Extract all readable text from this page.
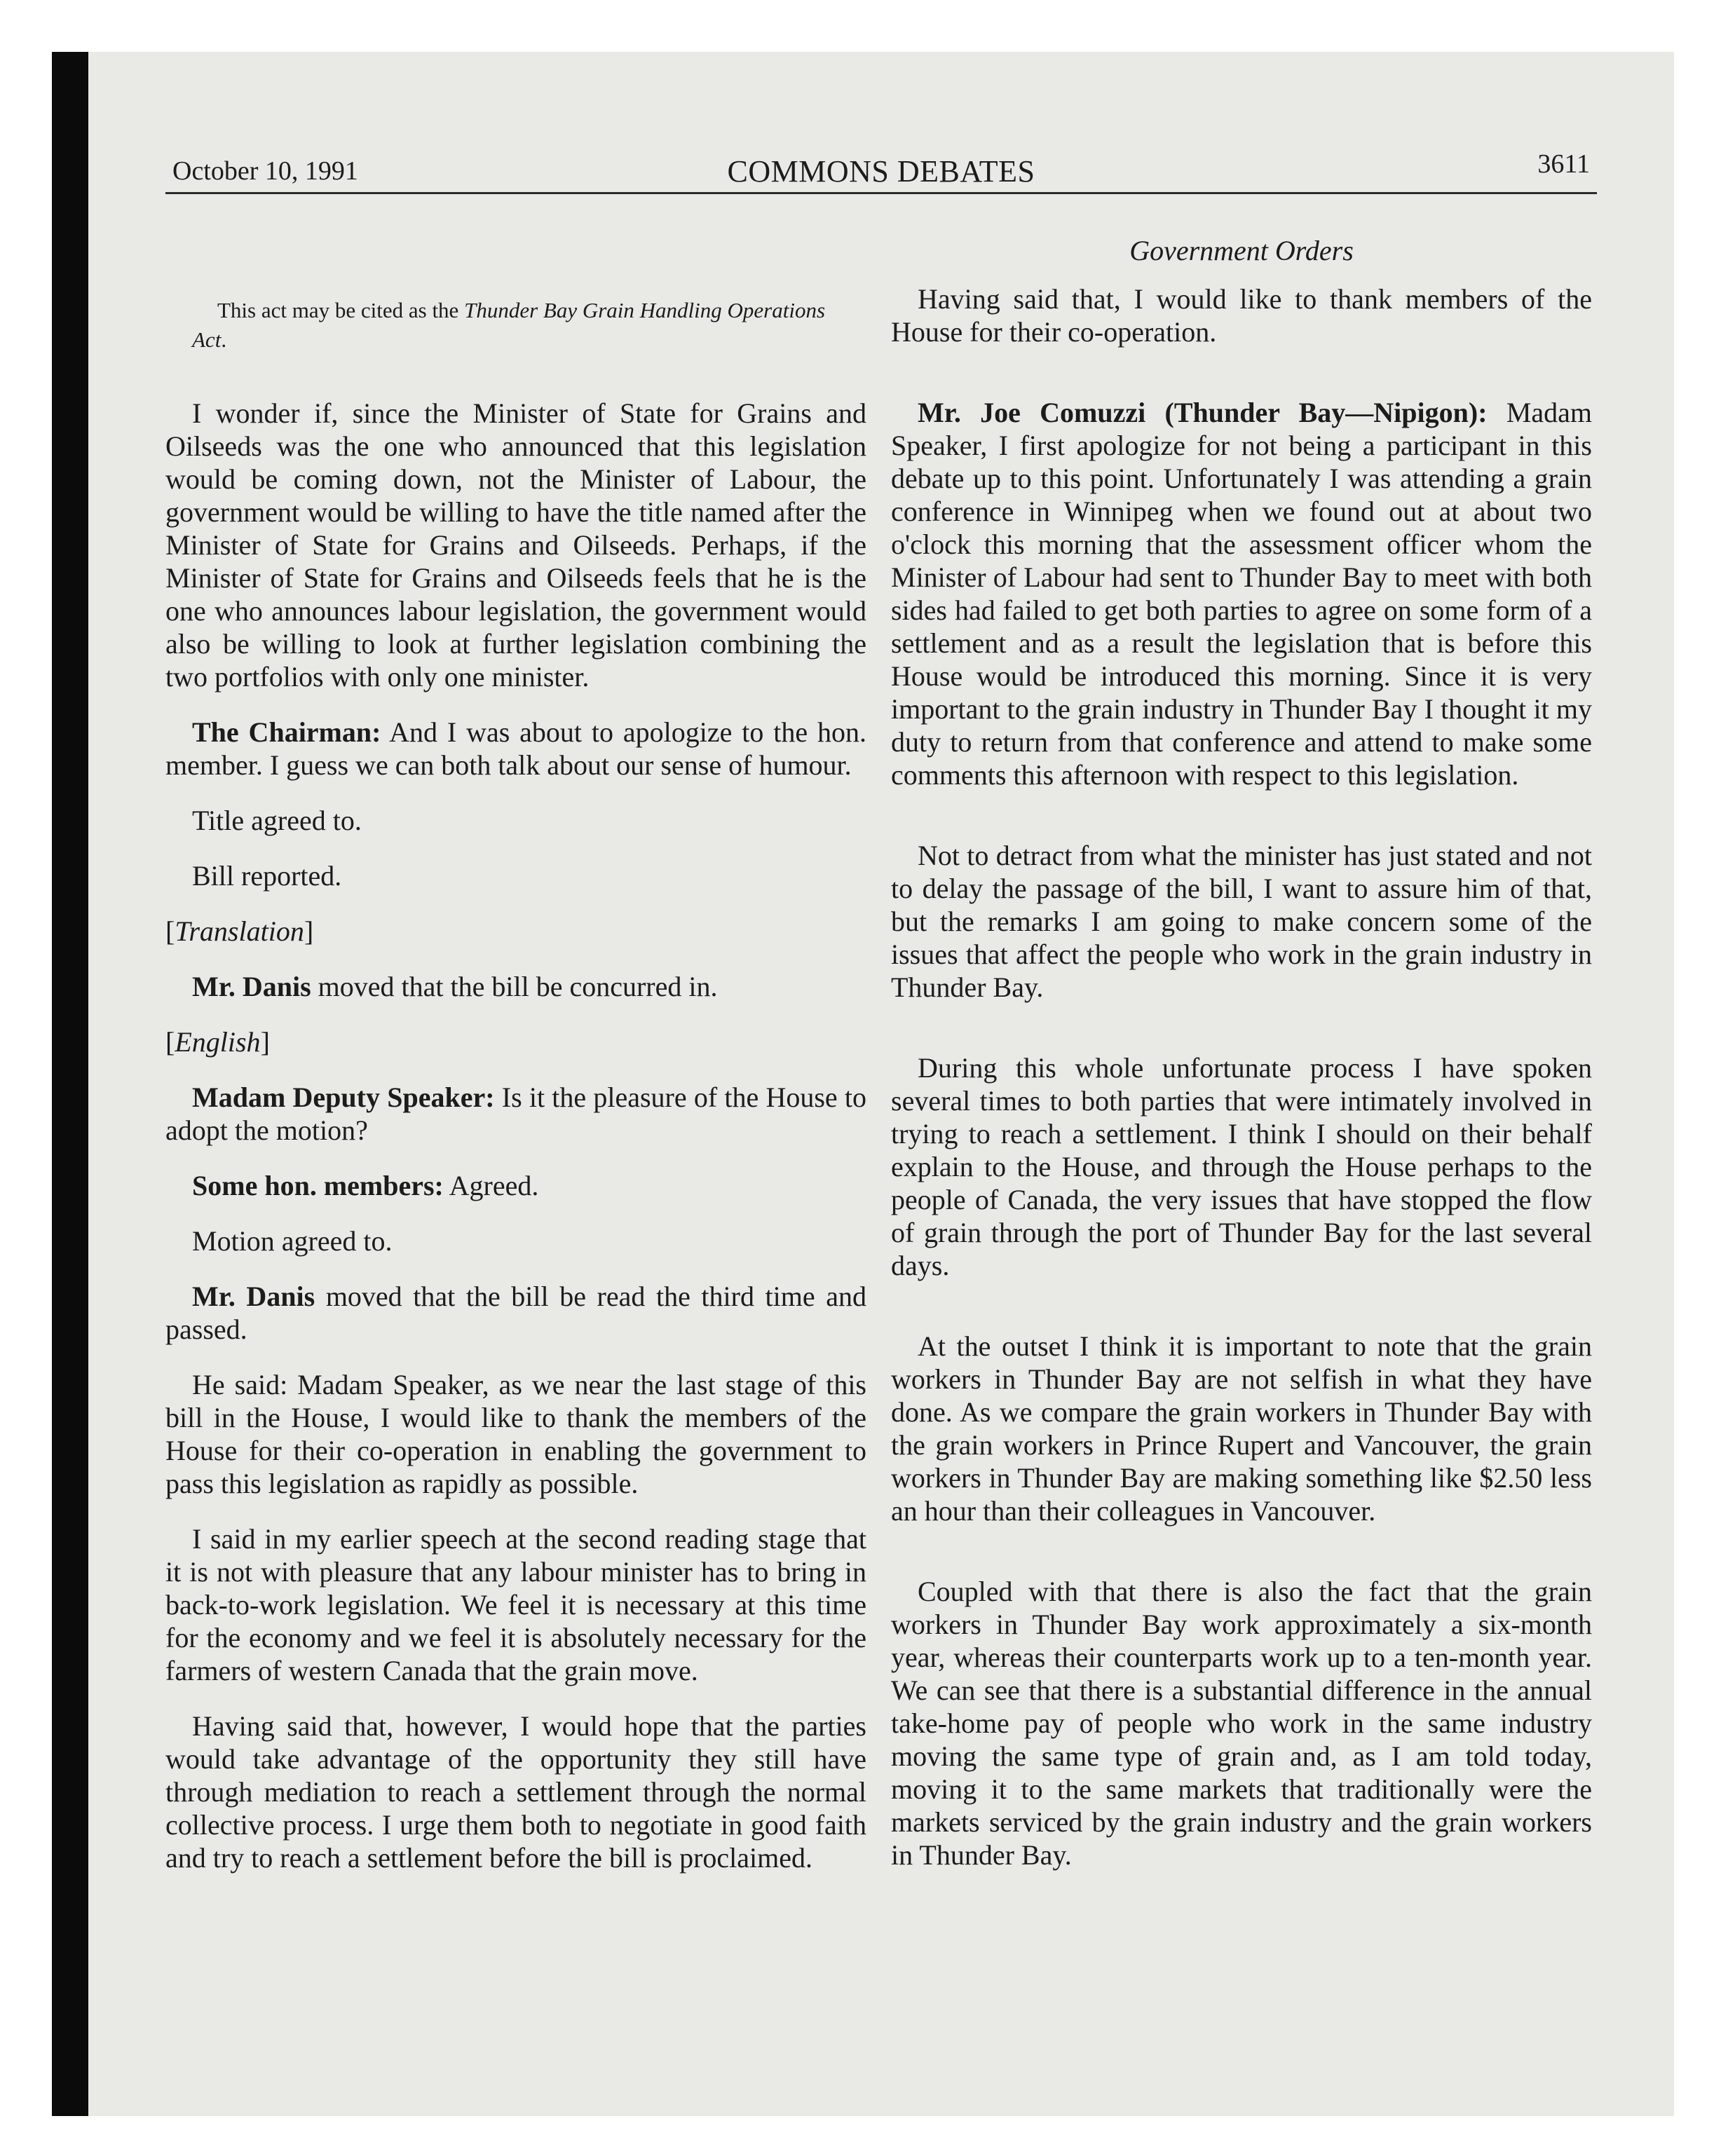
October 10, 1991	COMMONS DEBATES	3611

This act may be cited as the Thunder Bay Grain Handling Operations Act.

I wonder if, since the Minister of State for Grains and Oilseeds was the one who announced that this legislation would be coming down, not the Minister of Labour, the government would be willing to have the title named after the Minister of State for Grains and Oilseeds. Perhaps, if the Minister of State for Grains and Oilseeds feels that he is the one who announces labour legislation, the government would also be willing to look at further legislation combining the two portfolios with only one minister.

The Chairman: And I was about to apologize to the hon. member. I guess we can both talk about our sense of humour.

Title agreed to.

Bill reported.

[Translation]

Mr. Danis moved that the bill be concurred in.

[English]

Madam Deputy Speaker: Is it the pleasure of the House to adopt the motion?

Some hon. members: Agreed.

Motion agreed to.

Mr. Danis moved that the bill be read the third time and passed.

He said: Madam Speaker, as we near the last stage of this bill in the House, I would like to thank the members of the House for their co-operation in enabling the government to pass this legislation as rapidly as possible.

I said in my earlier speech at the second reading stage that it is not with pleasure that any labour minister has to bring in back-to-work legislation. We feel it is necessary at this time for the economy and we feel it is absolutely necessary for the farmers of western Canada that the grain move.

Having said that, however, I would hope that the parties would take advantage of the opportunity they still have through mediation to reach a settlement through the normal collective process. I urge them both to negotiate in good faith and try to reach a settlement before the bill is proclaimed.

Government Orders

Having said that, I would like to thank members of the House for their co-operation.

Mr. Joe Comuzzi (Thunder Bay—Nipigon): Madam Speaker, I first apologize for not being a participant in this debate up to this point. Unfortunately I was attending a grain conference in Winnipeg when we found out at about two o'clock this morning that the assessment officer whom the Minister of Labour had sent to Thunder Bay to meet with both sides had failed to get both parties to agree on some form of a settlement and as a result the legislation that is before this House would be introduced this morning. Since it is very important to the grain industry in Thunder Bay I thought it my duty to return from that conference and attend to make some comments this afternoon with respect to this legislation.

Not to detract from what the minister has just stated and not to delay the passage of the bill, I want to assure him of that, but the remarks I am going to make concern some of the issues that affect the people who work in the grain industry in Thunder Bay.

During this whole unfortunate process I have spoken several times to both parties that were intimately involved in trying to reach a settlement. I think I should on their behalf explain to the House, and through the House perhaps to the people of Canada, the very issues that have stopped the flow of grain through the port of Thunder Bay for the last several days.

At the outset I think it is important to note that the grain workers in Thunder Bay are not selfish in what they have done. As we compare the grain workers in Thunder Bay with the grain workers in Prince Rupert and Vancouver, the grain workers in Thunder Bay are making something like $2.50 less an hour than their colleagues in Vancouver.

Coupled with that there is also the fact that the grain workers in Thunder Bay work approximately a six-month year, whereas their counterparts work up to a ten-month year. We can see that there is a substantial difference in the annual take-home pay of people who work in the same industry moving the same type of grain and, as I am told today, moving it to the same markets that traditionally were the markets serviced by the grain industry and the grain workers in Thunder Bay.
